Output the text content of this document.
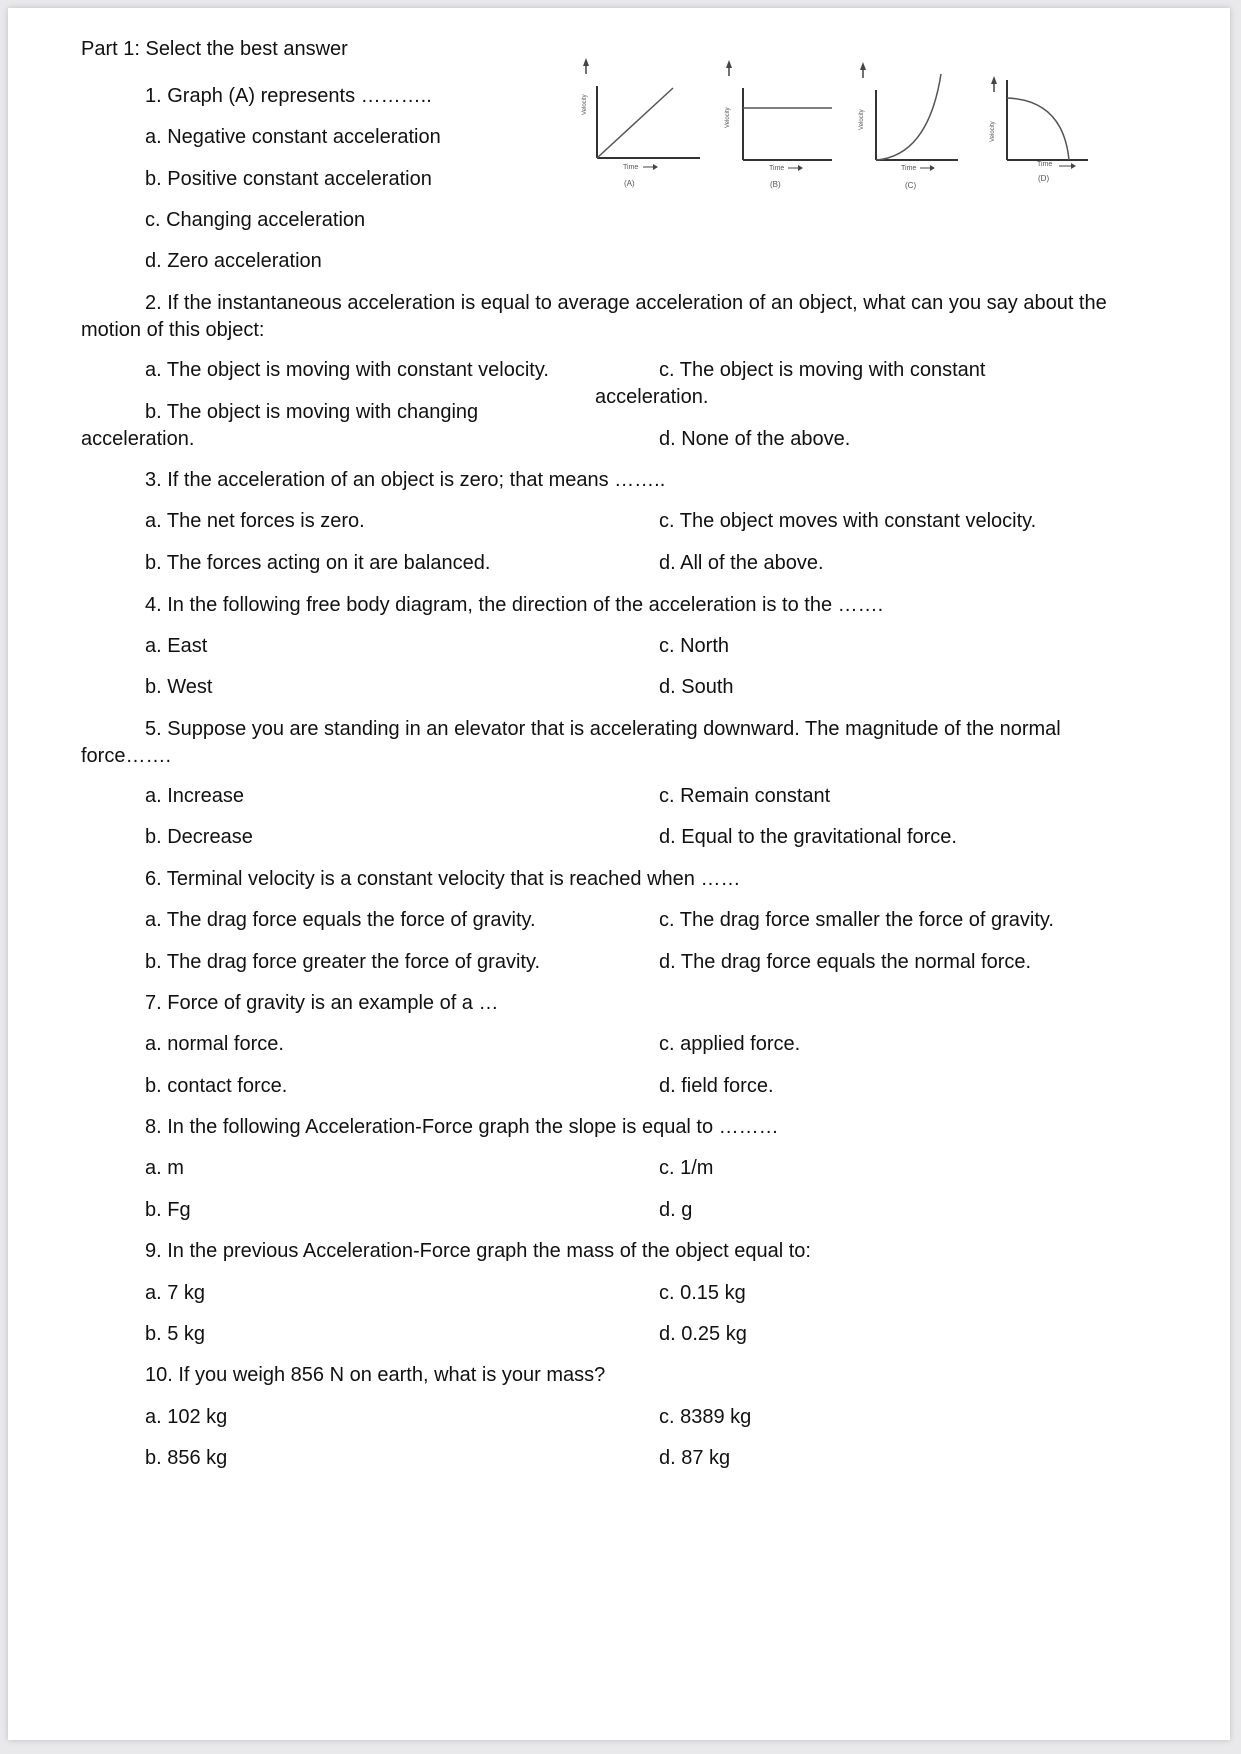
Part 1: Select the best answer
Velocity
Time
(A)
Velocity
Time
(B)
Velocity
Time
(C)
Velocity
Time
(D)
1. Graph (A) represents ………..
a. Negative constant acceleration
b. Positive constant acceleration
c. Changing acceleration
d. Zero acceleration
2. If the instantaneous acceleration is equal to average acceleration of an object, what can you say about the
motion of this object:
a. The object is moving with constant velocity.	c. The object is moving with constant
acceleration.
b. The object is moving with changing
acceleration.	d. None of the above.
3. If the acceleration of an object is zero; that means ……..
a. The net forces is zero.	c. The object moves with constant velocity.
b. The forces acting on it are balanced.	d. All of the above.
4. In the following free body diagram, the direction of the acceleration is to the …….
a. East	c. North
b. West	d. South
5. Suppose you are standing in an elevator that is accelerating downward. The magnitude of the normal
force…….
a. Increase	c. Remain constant
b. Decrease	d. Equal to the gravitational force.
6. Terminal velocity is a constant velocity that is reached when ……
a. The drag force equals the force of gravity.	c. The drag force smaller the force of gravity.
b. The drag force greater the force of gravity.	d. The drag force equals the normal force.
7. Force of gravity is an example of a …
a. normal force.	c. applied force.
b. contact force.	d. field force.
8. In the following Acceleration-Force graph the slope is equal to ………
a. m	c. 1/m
b. Fg	d. g
9. In the previous Acceleration-Force graph the mass of the object equal to:
a. 7 kg	c. 0.15 kg
b. 5 kg	d. 0.25 kg
10. If you weigh 856 N on earth, what is your mass?
a. 102 kg	c. 8389 kg
b. 856 kg	d. 87 kg
